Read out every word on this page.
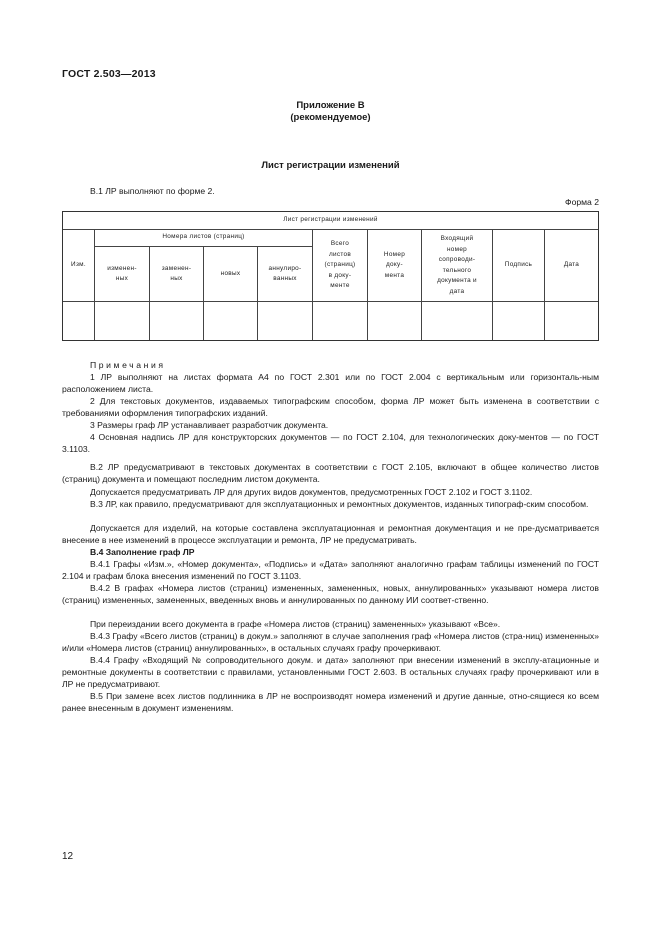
ГОСТ 2.503—2013
Приложение В
(рекомендуемое)
Лист регистрации изменений
В.1 ЛР выполняют по форме 2.
Форма 2
Лист регистрации изменений
Изм.
Номера листов (страниц)
изменен-
ных
заменен-
ных
новых
аннулиро-
ванных
Всего
листов
(страниц)
в доку-
менте
Номер
доку-
мента
Входящий
номер
сопроводи-
тельного
документа и
дата
Подпись	Дата
Примечания
1 ЛР выполняют на листах формата А4 по ГОСТ 2.301 или по ГОСТ 2.004 с вертикальным или горизонталь-ным расположением листа.
2 Для текстовых документов, издаваемых типографским способом, форма ЛР может быть изменена в соответствии с требованиями оформления типографских изданий.
3 Размеры граф ЛР устанавливает разработчик документа.
4 Основная надпись ЛР для конструкторских документов — по ГОСТ 2.104, для технологических доку-ментов — по ГОСТ 3.1103.
В.2 ЛР предусматривают в текстовых документах в соответствии с ГОСТ 2.105, включают в общее количество листов (страниц) документа и помещают последним листом документа.
Допускается предусматривать ЛР для других видов документов, предусмотренных ГОСТ 2.102 и ГОСТ 3.1102.
В.3 ЛР, как правило, предусматривают для эксплуатационных и ремонтных документов, изданных типограф-ским способом.
Допускается для изделий, на которые составлена эксплуатационная и ремонтная документация и не пре-дусматривается внесение в нее изменений в процессе эксплуатации и ремонта, ЛР не предусматривать.
В.4 Заполнение граф ЛР
В.4.1 Графы «Изм.», «Номер документа», «Подпись» и «Дата» заполняют аналогично графам таблицы изменений по ГОСТ 2.104 и графам блока внесения изменений по ГОСТ 3.1103.
В.4.2 В графах «Номера листов (страниц) измененных, замененных, новых, аннулированных» указывают номера листов (страниц) измененных, замененных, введенных вновь и аннулированных по данному ИИ соответ-ственно.
При переиздании всего документа в графе «Номера листов (страниц) замененных» указывают «Все».
В.4.3 Графу «Всего листов (страниц) в докум.» заполняют в случае заполнения граф «Номера листов (стра-ниц) измененных» и/или «Номера листов (страниц) аннулированных», в остальных случаях графу прочеркивают.
В.4.4 Графу «Входящий № сопроводительного докум. и дата» заполняют при внесении изменений в эксплу-атационные и ремонтные документы в соответствии с правилами, установленными ГОСТ 2.603. В остальных случаях графу прочеркивают или в ЛР не предусматривают.
В.5 При замене всех листов подлинника в ЛР не воспроизводят номера изменений и другие данные, отно-сящиеся ко всем ранее внесенным в документ изменениям.
12
